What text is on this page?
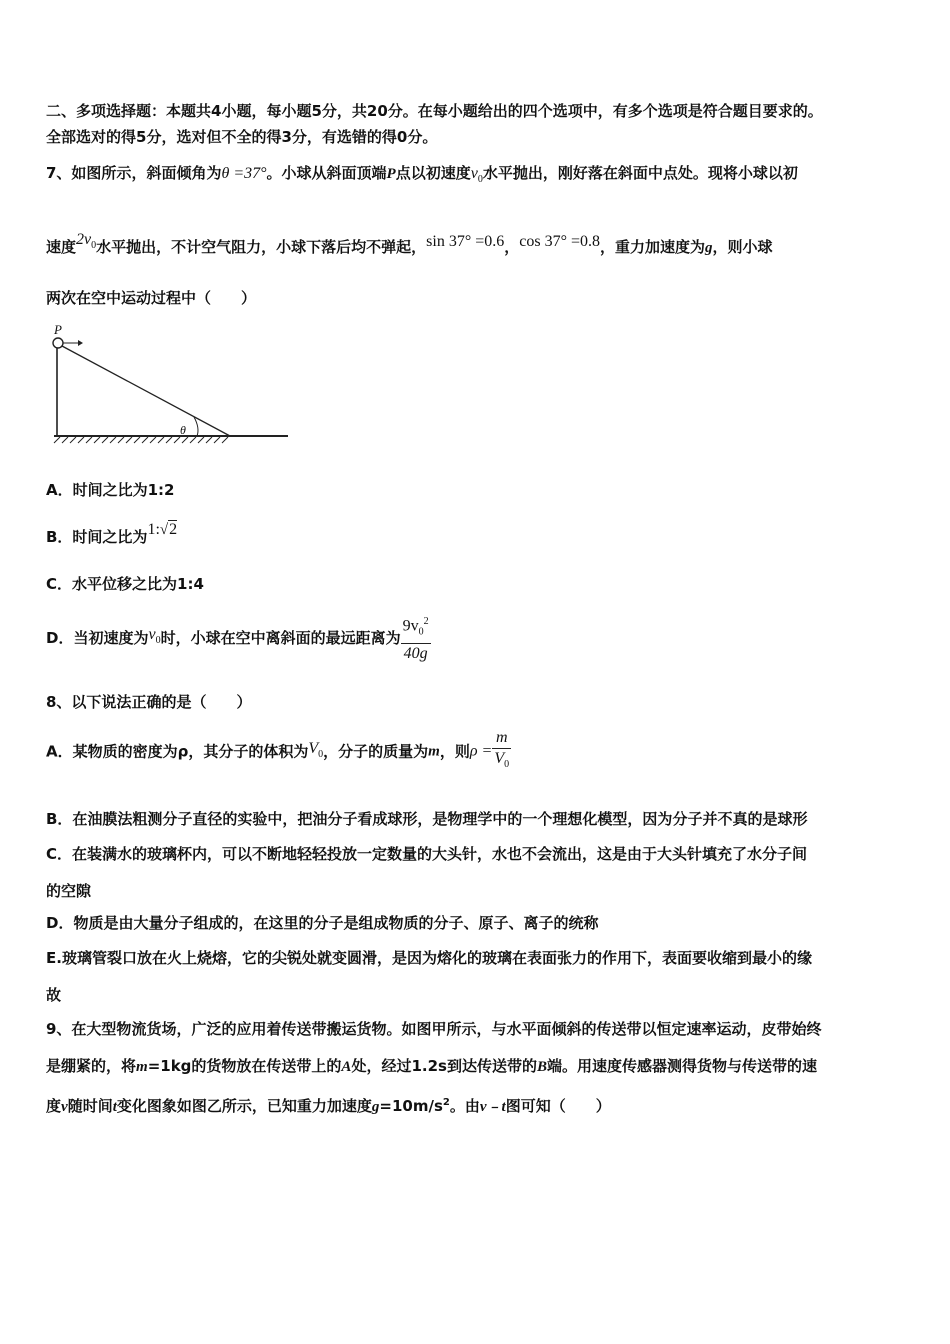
二、多项选择题：本题共4小题，每小题5分，共20分。在每小题给出的四个选项中，有多个选项是符合题目要求的。
全部选对的得5分，选对但不全的得3分，有选错的得0分。
7、如图所示，斜面倾角为θ =37°。小球从斜面顶端P点以初速度$v_0$水平抛出，刚好落在斜面中点处。现将小球以初
速度$2v_0$水平抛出，不计空气阻力，小球下落后均不弹起，sin 37° =0.6，cos 37° =0.8，重力加速度为g，则小球
两次在空中运动过程中（　　）
P
θ
A．时间之比为1:2
B．时间之比为1:√2
C．水平位移之比为1:4
D．当初速度为$v_0$时，小球在空中离斜面的最远距离为 $\frac{9v_0^2}{40g}$
8、以下说法正确的是（　　）
A．某物质的密度为ρ，其分子的体积为$V_0$，分子的质量为m，则$\rho = \frac{m}{V_0}$
B．在油膜法粗测分子直径的实验中，把油分子看成球形，是物理学中的一个理想化模型，因为分子并不真的是球形
C．在装满水的玻璃杯内，可以不断地轻轻投放一定数量的大头针，水也不会流出，这是由于大头针填充了水分子间
的空隙
D．物质是由大量分子组成的，在这里的分子是组成物质的分子、原子、离子的统称
E.玻璃管裂口放在火上烧熔，它的尖锐处就变圆滑，是因为熔化的玻璃在表面张力的作用下，表面要收缩到最小的缘
故
9、在大型物流货场，广泛的应用着传送带搬运货物。如图甲所示，与水平面倾斜的传送带以恒定速率运动，皮带始终
是绷紧的，将m=1kg的货物放在传送带上的A处，经过1.2s到达传送带的B端。用速度传感器测得货物与传送带的速
度v随时间t变化图象如图乙所示，已知重力加速度$g=10m/s^2$。由v﹣t图可知（　　）
